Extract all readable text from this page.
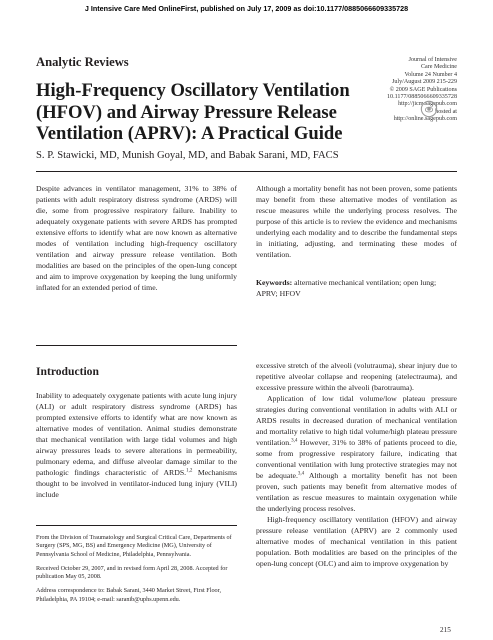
J Intensive Care Med OnlineFirst, published on July 17, 2009 as doi:10.1177/0885066609335728
Analytic Reviews
High-Frequency Oscillatory Ventilation (HFOV) and Airway Pressure Release Ventilation (APRV): A Practical Guide
Journal of Intensive
Care Medicine
Volume 24 Number 4
July/August 2009 215-229
© 2009 SAGE Publications
10.1177/0885066609335728
http://jicm.sagepub.com
hosted at
http://online.sagepub.com
S. P. Stawicki, MD, Munish Goyal, MD, and Babak Sarani, MD, FACS

Despite advances in ventilator management, 31% to 38% of patients with adult respiratory distress syndrome (ARDS) will die, some from progressive respiratory failure. Inability to adequately oxygenate patients with severe ARDS has prompted extensive efforts to identify what are now known as alternative modes of ventilation including high-frequency oscillatory ventilation and airway pressure release ventilation. Both modalities are based on the principles of the open-lung concept and aim to improve oxygenation by keeping the lung uniformly inflated for an extended period of time.

Although a mortality benefit has not been proven, some patients may benefit from these alternative modes of ventilation as rescue measures while the underlying process resolves. The purpose of this article is to review the evidence and mechanisms underlying each modality and to describe the fundamental steps in initiating, adjusting, and terminating these modes of ventilation.

Keywords: alternative mechanical ventilation; open lung; APRV; HFOV
Introduction

Inability to adequately oxygenate patients with acute lung injury (ALI) or adult respiratory distress syndrome (ARDS) has prompted extensive efforts to identify what are now known as alternative modes of ventilation. Animal studies demonstrate that mechanical ventilation with large tidal volumes and high airway pressures leads to severe alterations in permeability, pulmonary edema, and diffuse alveolar damage similar to the pathologic findings characteristic of ARDS.$^{1,2}$ Mechanisms thought to be involved in ventilator-induced lung injury (VILI) include

From the Division of Traumatology and Surgical Critical Care, Departments of Surgery (SPS, MG, BS) and Emergency Medicine (MG), University of Pennsylvania School of Medicine, Philadelphia, Pennsylvania.

Received October 29, 2007, and in revised form April 28, 2008. Accepted for publication May 05, 2008.

Address correspondence to: Babak Sarani, 3440 Market Street, First Floor, Philadelphia, PA 19104; e-mail: saranib@uphs.upenn.edu.

excessive stretch of the alveoli (volutrauma), shear injury due to repetitive alveolar collapse and reopening (atelectrauma), and excessive pressure within the alveoli (barotrauma).

Application of low tidal volume/low plateau pressure strategies during conventional ventilation in adults with ALI or ARDS results in decreased duration of mechanical ventilation and mortality relative to high tidal volume/high plateau pressure ventilation.$^{3,4}$ However, 31% to 38% of patients proceed to die, some from progressive respiratory failure, indicating that conventional ventilation with lung protective strategies may not be adequate.$^{3,4}$ Although a mortality benefit has not been proven, such patients may benefit from alternative modes of ventilation as rescue measures to maintain oxygenation while the underlying process resolves.

High-frequency oscillatory ventilation (HFOV) and airway pressure release ventilation (APRV) are 2 commonly used alternative modes of mechanical ventilation in this patient population. Both modalities are based on the principles of the open-lung concept (OLC) and aim to improve oxygenation by

215
